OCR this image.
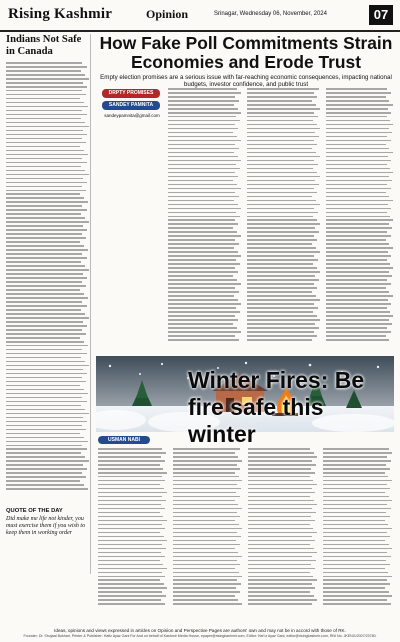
Rising Kashmir	Opinion	Srinagar, Wednesday 06, November, 2024	07
Indians Not Safe in Canada
QUOTE OF THE DAY
Did make me life not kinder, you must exercise them if you wish to keep them in working order
How Fake Poll Commitments Strain Economies and Erode Trust
Empty election promises are a serious issue with far-reaching economic consequences, impacting national budgets, investor confidence, and public trust
DRPTY PROMISES
SANDEY PAMNITA
sandeypamnita@gmail.com
Winter Fires: Be fire safe this winter
USMAN NABI
Ideas, opinions and views expressed in articles on Opinion and Perspective Pages are authors' own and may not be in accord with those of RK.
Founder: Dr. Shujaat Bukhari, Printer & Publisher: Hafiz Ayaz Gani For And on behalf of Kashmir Media House, epaper@risingkashmir.com, Editor: Haf iz Ayaz Gani, editor@risingkashmir.com, RNI No. JKENG/2007/23780.
